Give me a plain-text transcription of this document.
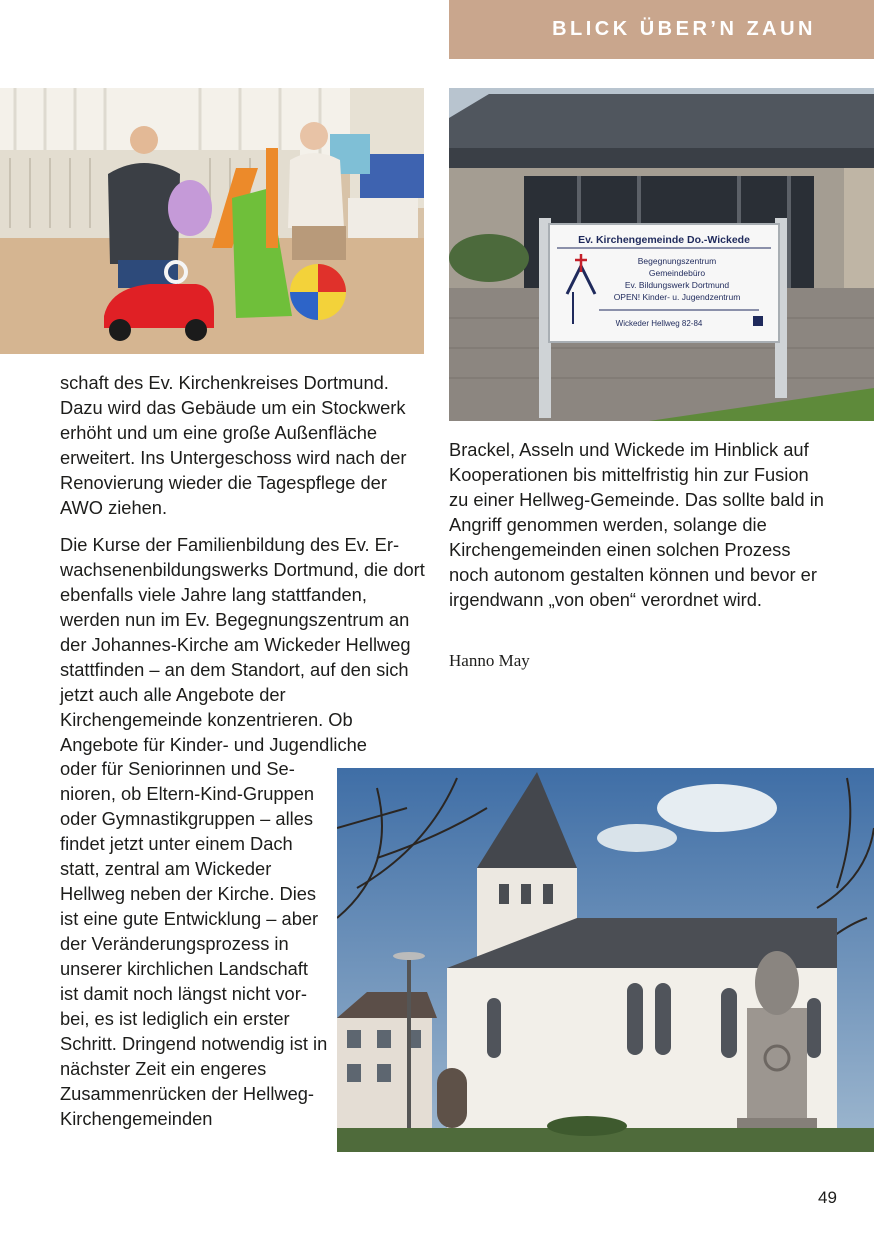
BLICK ÜBER’N ZAUN
Ev. Kirchengemeinde Do.-Wickede
Begegnungszentrum
Gemeindebüro
Ev. Bildungswerk Dortmund
OPEN! Kinder- u. Jugendzentrum
Wickeder Hellweg 82-84

schaft des Ev. Kirchenkreises Dortmund. Dazu wird das Gebäude um ein Stockwerk erhöht und um eine große Außenfläche erweitert. Ins Untergeschoss wird nach der Renovierung wieder die Tagespflege der AWO ziehen.

Die Kurse der Familienbildung des Ev. Erwachsenenbildungswerks Dortmund, die dort ebenfalls viele Jahre lang stattfanden, werden nun im Ev. Begegnungszentrum an der Johannes-Kirche am Wickeder Hellweg stattfinden – an dem Standort, auf den sich jetzt auch alle Angebote der Kirchengemeinde konzentrieren. Ob Angebote für Kinder- und Jugendliche

oder für Seniorinnen und Senioren, ob Eltern-Kind-Gruppen oder Gymnastikgruppen – alles findet jetzt unter einem Dach statt, zentral am Wickeder Hellweg neben der Kirche. Dies ist eine gute Entwicklung – aber der Veränderungsprozess in unserer kirchlichen Landschaft ist damit noch längst nicht vorbei, es ist lediglich ein erster Schritt. Dringend notwendig ist in nächster Zeit ein engeres Zusammenrücken der Hellweg-Kirchengemeinden

Brackel, Asseln und Wickede im Hinblick auf Kooperationen bis mittelfristig hin zur Fusion zu einer Hellweg-Gemeinde. Das sollte bald in Angriff genommen werden, solange die Kirchengemeinden einen solchen Prozess noch autonom gestalten können und bevor er irgendwann „von oben“ verordnet wird.

Hanno May
49
